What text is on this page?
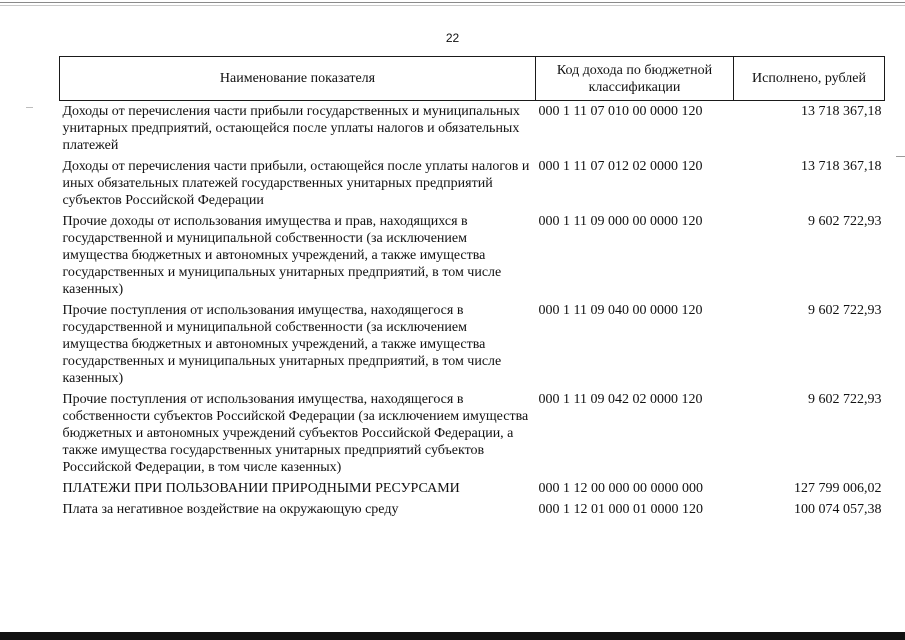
22
Наименование показателя	Код дохода по бюджетной классификации	Исполнено, рублей
Доходы от перечисления части прибыли государственных и муниципальных унитарных предприятий, остающейся после уплаты налогов и обязательных платежей	000 1 11 07 010 00 0000 120	13 718 367,18
Доходы от перечисления части прибыли, остающейся после уплаты налогов и иных обязательных платежей государственных унитарных предприятий субъектов Российской Федерации	000 1 11 07 012 02 0000 120	13 718 367,18
Прочие доходы от использования имущества и прав, находящихся в государственной и муниципальной собственности (за исключением имущества бюджетных и автономных учреждений, а также имущества государственных и муниципальных унитарных предприятий, в том числе казенных)	000 1 11 09 000 00 0000 120	9 602 722,93
Прочие поступления от использования имущества, находящегося в государственной и муниципальной собственности (за исключением имущества бюджетных и автономных учреждений, а также имущества государственных и муниципальных унитарных предприятий, в том числе казенных)	000 1 11 09 040 00 0000 120	9 602 722,93
Прочие поступления от использования имущества, находящегося в собственности субъектов Российской Федерации (за исключением имущества бюджетных и автономных учреждений субъектов Российской Федерации, а также имущества государственных унитарных предприятий субъектов Российской Федерации, в том числе казенных)	000 1 11 09 042 02 0000 120	9 602 722,93
ПЛАТЕЖИ ПРИ ПОЛЬЗОВАНИИ ПРИРОДНЫМИ РЕСУРСАМИ	000 1 12 00 000 00 0000 000	127 799 006,02
Плата за негативное воздействие на окружающую среду	000 1 12 01 000 01 0000 120	100 074 057,38
